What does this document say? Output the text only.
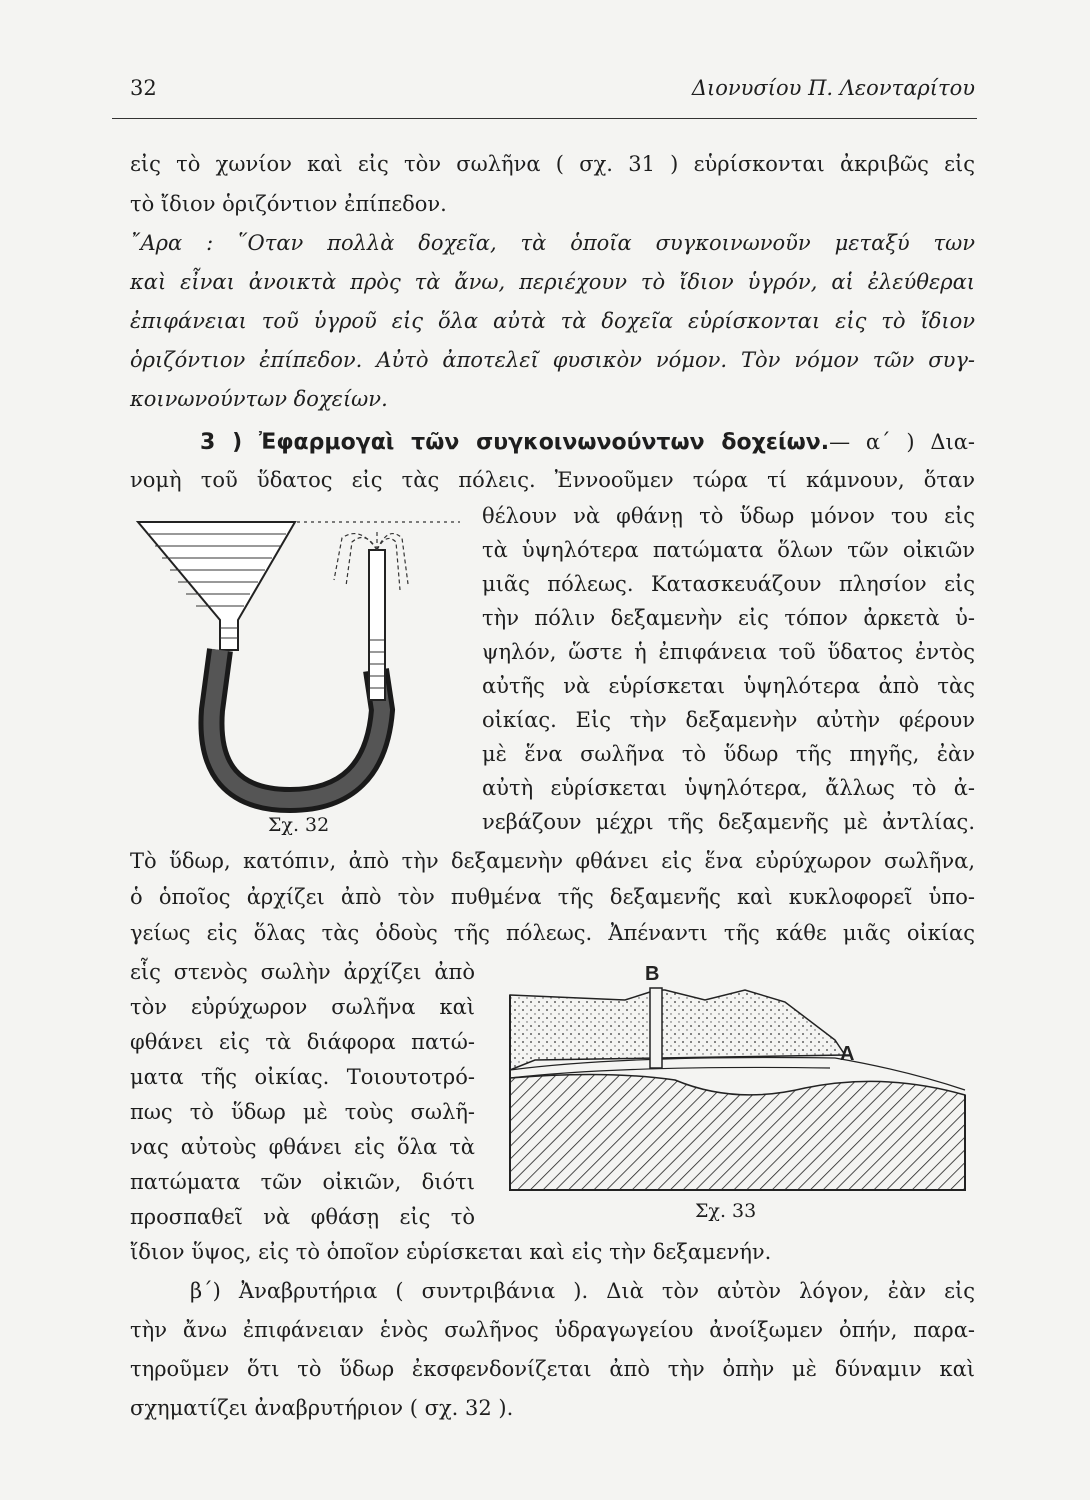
32	Διονυσίου Π. Λεονταρίτου
εἰς τὸ χωνίον καὶ εἰς τὸν σωλῆνα ( σχ. 31 ) εὑρίσκονται ἀκριβῶς εἰς
τὸ ἴδιον ὁριζόντιον ἐπίπεδον.
῎Αρα : ῞Οταν πολλὰ δοχεῖα, τὰ ὁποῖα συγκοινωνοῦν μεταξύ των
καὶ εἶναι ἀνοικτὰ πρὸς τὰ ἄνω, περιέχουν τὸ ἴδιον ὑγρόν, αἱ ἐλεύθεραι
ἐπιφάνειαι τοῦ ὑγροῦ εἰς ὅλα αὐτὰ τὰ δοχεῖα εὑρίσκονται εἰς τὸ ἴδιον
ὁριζόντιον ἐπίπεδον. Αὐτὸ ἀποτελεῖ φυσικὸν νόμον. Τὸν νόμον τῶν συγ-
κοινωνούντων δοχείων.
3 ) Ἐφαρμογαὶ τῶν συγκοινωνούντων δοχείων.— α΄ ) Δια-
νομὴ τοῦ ὕδατος εἰς τὰς πόλεις. Ἐννοοῦμεν τώρα τί κάμνουν, ὅταν
θέλουν νὰ φθάνῃ τὸ ὕδωρ μόνον του εἰς
τὰ ὑψηλότερα πατώματα ὅλων τῶν οἰκιῶν
μιᾶς πόλεως. Κατασκευάζουν πλησίον εἰς
τὴν πόλιν δεξαμενὴν εἰς τόπον ἀρκετὰ ὑ-
ψηλόν, ὥστε ἡ ἐπιφάνεια τοῦ ὕδατος ἐντὸς
αὐτῆς νὰ εὑρίσκεται ὑψηλότερα ἀπὸ τὰς
οἰκίας. Εἰς τὴν δεξαμενὴν αὐτὴν φέρουν
μὲ ἕνα σωλῆνα τὸ ὕδωρ τῆς πηγῆς, ἐὰν
αὐτὴ εὑρίσκεται ὑψηλότερα, ἄλλως τὸ ἀ-
νεβάζουν μέχρι τῆς δεξαμενῆς μὲ ἀντλίας.
Σχ. 32
Τὸ ὕδωρ, κατόπιν, ἀπὸ τὴν δεξαμενὴν φθάνει εἰς ἕνα εὐρύχωρον σωλῆνα,
ὁ ὁποῖος ἀρχίζει ἀπὸ τὸν πυθμένα τῆς δεξαμενῆς καὶ κυκλοφορεῖ ὑπο-
γείως εἰς ὅλας τὰς ὁδοὺς τῆς πόλεως. Ἀπέναντι τῆς κάθε μιᾶς οἰκίας
εἷς στενὸς σωλὴν ἀρχίζει ἀπὸ
τὸν εὐρύχωρον σωλῆνα καὶ
φθάνει εἰς τὰ διάφορα πατώ-
ματα τῆς οἰκίας. Τοιουτοτρό-
πως τὸ ὕδωρ μὲ τοὺς σωλῆ-
νας αὐτοὺς φθάνει εἰς ὅλα τὰ
πατώματα τῶν οἰκιῶν, διότι
προσπαθεῖ νὰ φθάσῃ εἰς τὸ
B
A
Σχ. 33
ἴδιον ὕψος, εἰς τὸ ὁποῖον εὑρίσκεται καὶ εἰς τὴν δεξαμενήν.
β΄) Ἀναβρυτήρια ( συντριβάνια ). Διὰ τὸν αὐτὸν λόγον, ἐὰν εἰς
τὴν ἄνω ἐπιφάνειαν ἑνὸς σωλῆνος ὑδραγωγείου ἀνοίξωμεν ὀπήν, παρα-
τηροῦμεν ὅτι τὸ ὕδωρ ἐκσφενδονίζεται ἀπὸ τὴν ὀπὴν μὲ δύναμιν καὶ
σχηματίζει ἀναβρυτήριον ( σχ. 32 ).
